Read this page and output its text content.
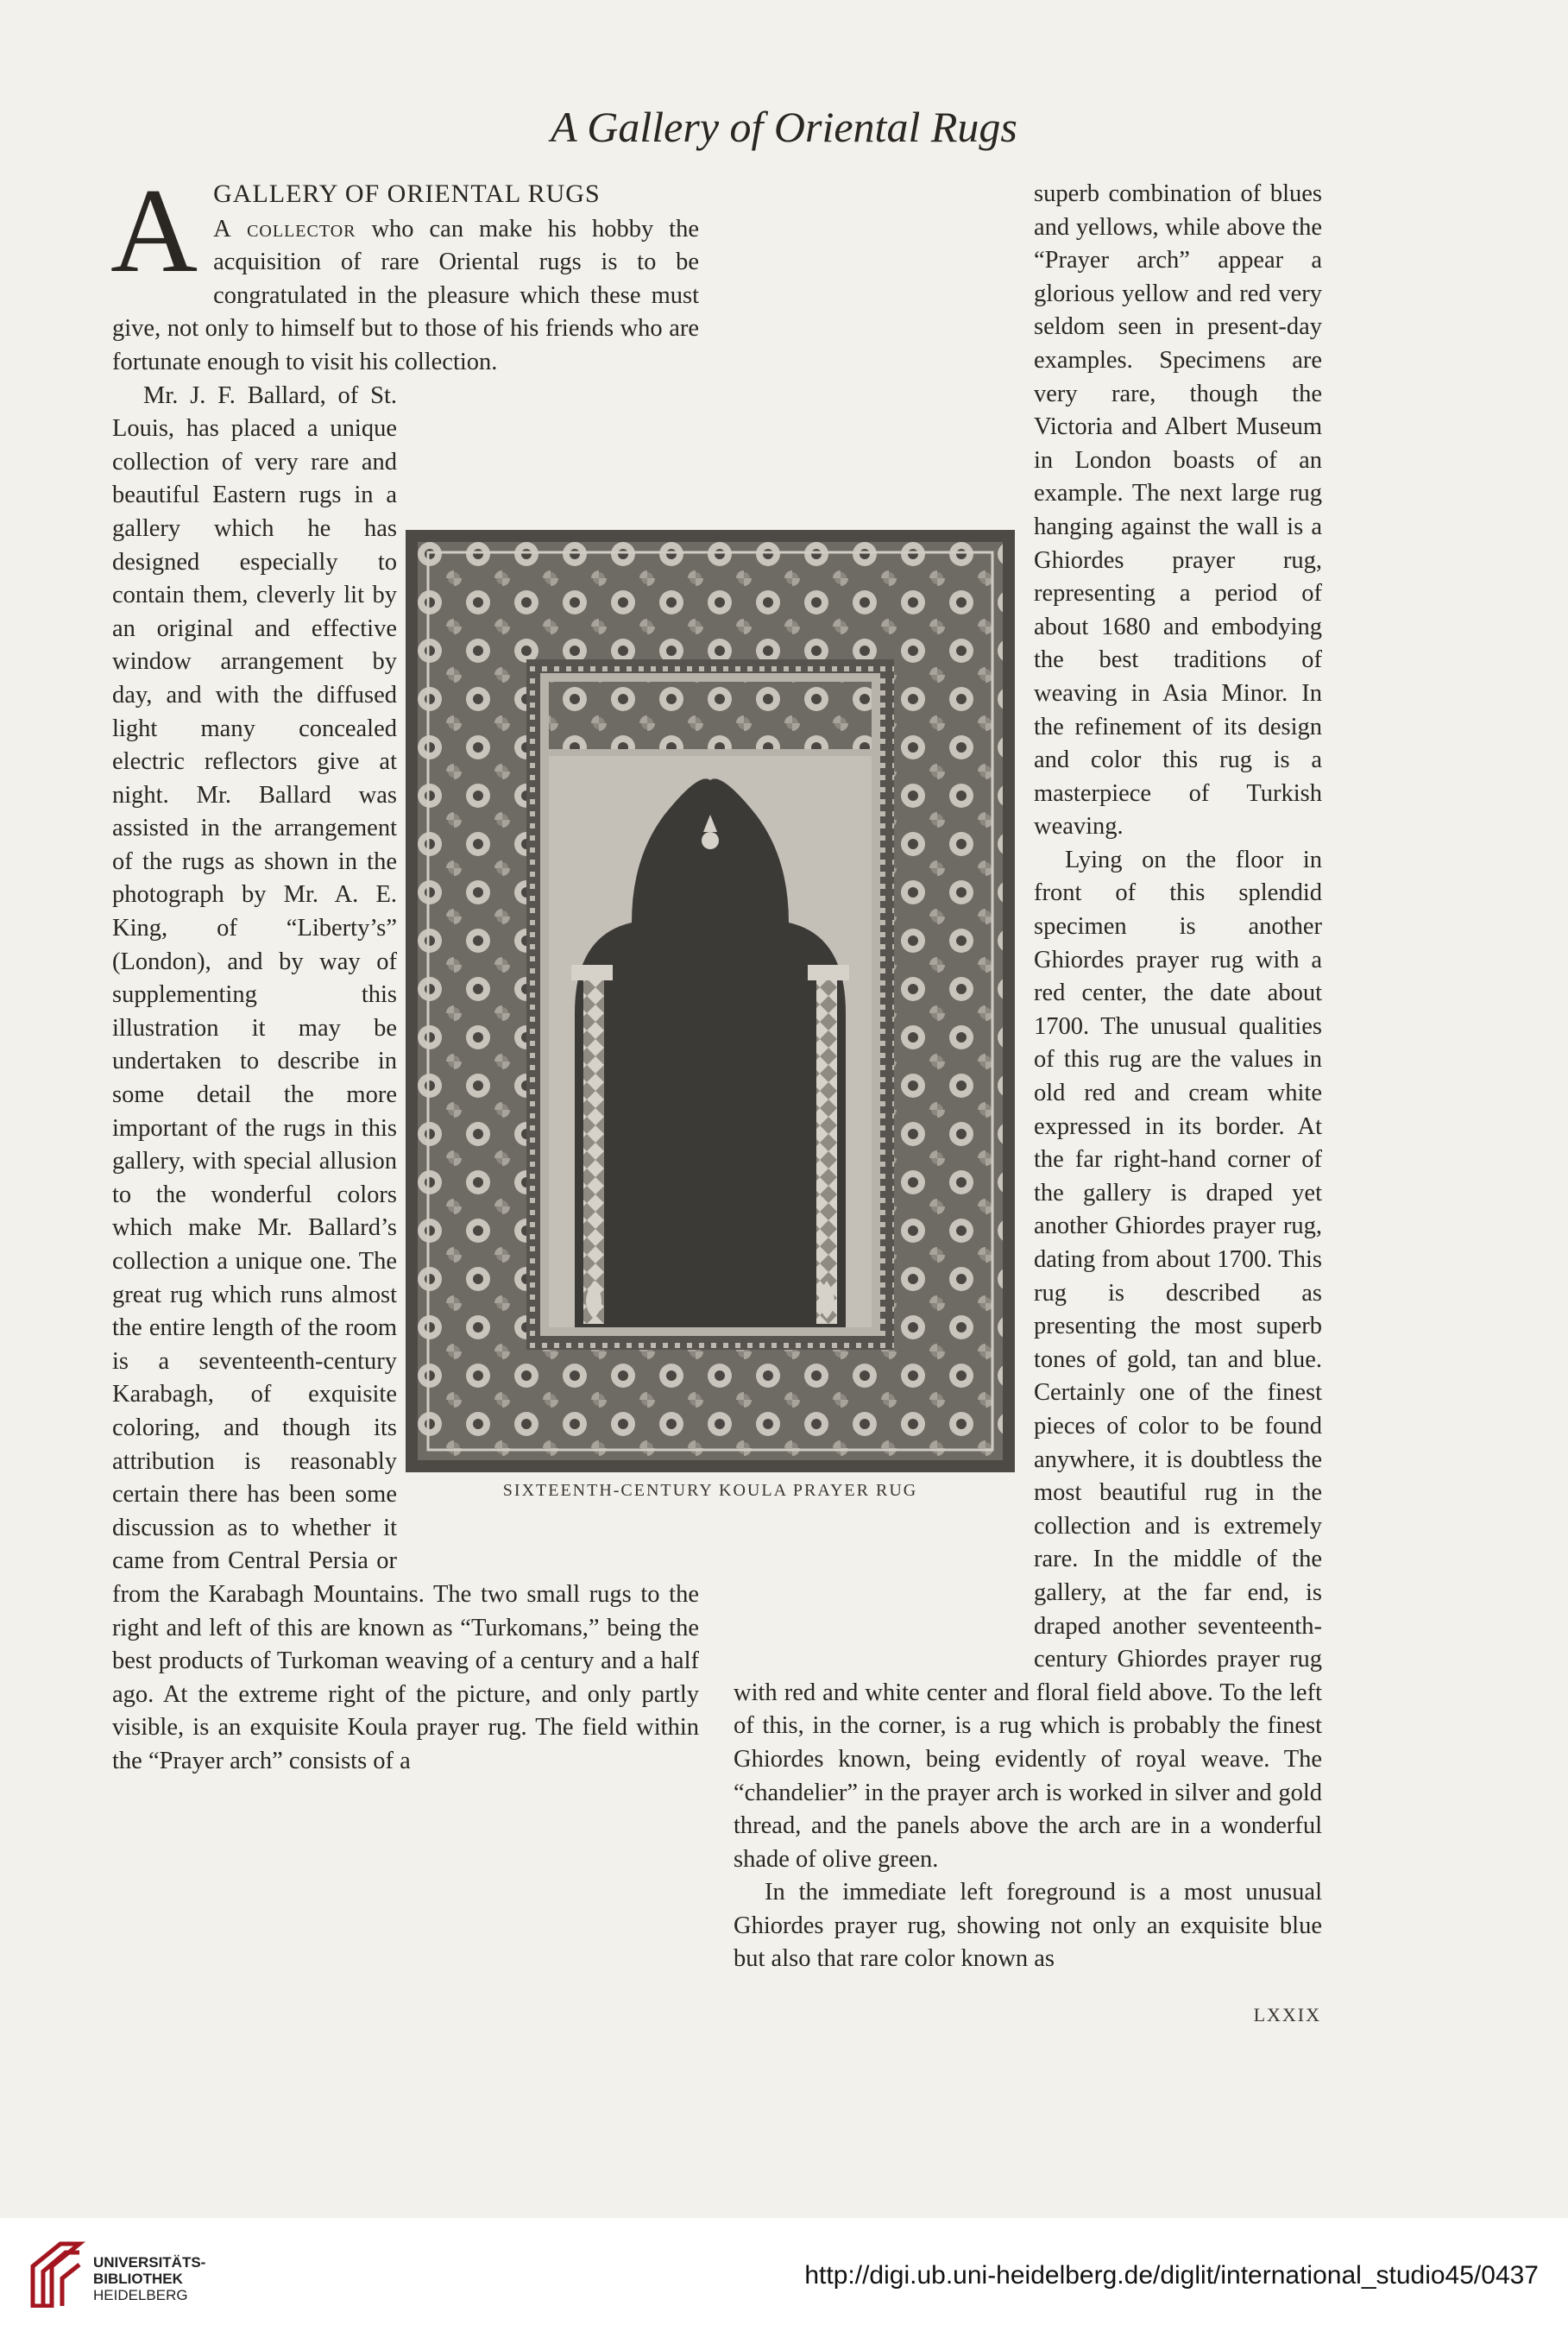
A Gallery of Oriental Rugs
A GALLERY OF ORIENTAL RUGS

A collector who can make his hobby the acquisition of rare Oriental rugs is to be congratulated in the pleasure which these must give, not only to himself but to those of his friends who are fortunate enough to visit his collection.

Mr. J. F. Ballard, of St. Louis, has placed a unique collection of very rare and beautiful Eastern rugs in a gallery which he has designed especially to contain them, cleverly lit by an original and effective window arrangement by day, and with the diffused light many concealed electric reflectors give at night. Mr. Ballard was assisted in the arrangement of the rugs as shown in the photograph by Mr. A. E. King, of “Liberty’s” (London), and by way of supplementing this illustration it may be undertaken to describe in some detail the more important of the rugs in this gallery, with special allusion to the wonderful colors which make Mr. Ballard’s collection a unique one. The great rug which runs almost the entire length of the room is a seventeenth-century Karabagh, of exquisite coloring, and though its attribution is reasonably certain there has been some discussion as to whether it came from Central Persia or from the Karabagh Mountains. The two small rugs to the right and left of this are known as “Turkomans,” being the best products of Turkoman weaving of a century and a half ago. At the extreme right of the picture, and only partly visible, is an exquisite Koula prayer rug. The field within the “Prayer arch” consists of a

superb combination of blues and yellows, while above the “Prayer arch” appear a glorious yellow and red very seldom seen in present-day examples. Specimens are very rare, though the Victoria and Albert Museum in London boasts of an example. The next large rug hanging against the wall is a Ghiordes prayer rug, representing a period of about 1680 and embodying the best traditions of weaving in Asia Minor. In the refinement of its design and color this rug is a masterpiece of Turkish weaving.

Lying on the floor in front of this splendid specimen is another Ghiordes prayer rug with a red center, the date about 1700. The unusual qualities of this rug are the values in old red and cream white expressed in its border. At the far right-hand corner of the gallery is draped yet another Ghiordes prayer rug, dating from about 1700. This rug is described as presenting the most superb tones of gold, tan and blue. Certainly one of the finest pieces of color to be found anywhere, it is doubtless the most beautiful rug in the collection and is extremely rare. In the middle of the gallery, at the far end, is draped another seventeenth-century Ghiordes prayer rug with red and white center and floral field above. To the left of this, in the corner, is a rug which is probably the finest Ghiordes known, being evidently of royal weave. The “chandelier” in the prayer arch is worked in silver and gold thread, and the panels above the arch are in a wonderful shade of olive green.

In the immediate left foreground is a most unusual Ghiordes prayer rug, showing not only an exquisite blue but also that rare color known as

SIXTEENTH-CENTURY KOULA PRAYER RUG
LXXIX
UNIVERSITÄTS-
BIBLIOTHEK
HEIDELBERG
http://digi.ub.uni-heidelberg.de/diglit/international_studio45/0437
